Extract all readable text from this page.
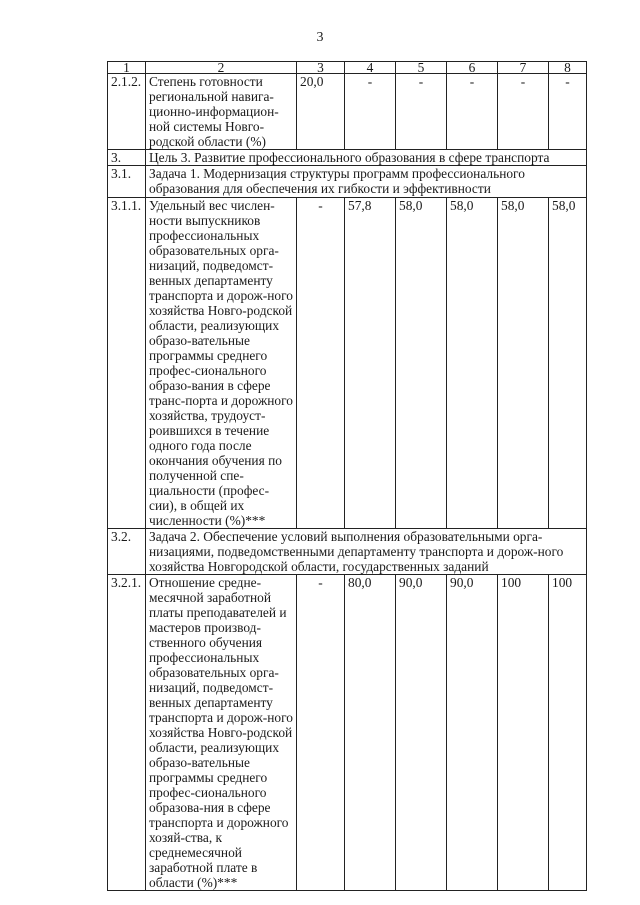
3
1	2	3	4	5	6	7	8
2.1.2.	Степень готовности региональной навига-ционно-информацион-ной системы Новго-родской области (%)	20,0	-	-	-	-	-
3.	Цель 3. Развитие профессионального образования в сфере транспорта						
3.1.	Задача 1. Модернизация структуры программ профессионального образования для обеспечения их гибкости и эффективности						
3.1.1.	Удельный вес числен-ности выпускников профессиональных образовательных орга-низаций, подведомст-венных департаменту транспорта и дорож-ного хозяйства Новго-родской области, реализующих образо-вательные программы среднего профес-сионального образо-вания в сфере транс-порта и дорожного хозяйства, трудоуст-роившихся в течение одного года после окончания обучения по полученной спе-циальности (профес-сии), в общей их численности (%)***	-	57,8	58,0	58,0	58,0	58,0
3.2.	Задача 2. Обеспечение условий выполнения образовательными орга-низациями, подведомственными департаменту транспорта и дорож-ного хозяйства Новгородской области, государственных заданий						
3.2.1.	Отношение средне-месячной заработной платы преподавателей и мастеров производ-ственного обучения профессиональных образовательных орга-низаций, подведомст-венных департаменту транспорта и дорож-ного хозяйства Новго-родской области, реализующих образо-вательные программы среднего профес-сионального образова-ния в сфере транспорта и дорожного хозяй-ства, к среднемесячной заработной плате в области (%)***	-	80,0	90,0	90,0	100	100
